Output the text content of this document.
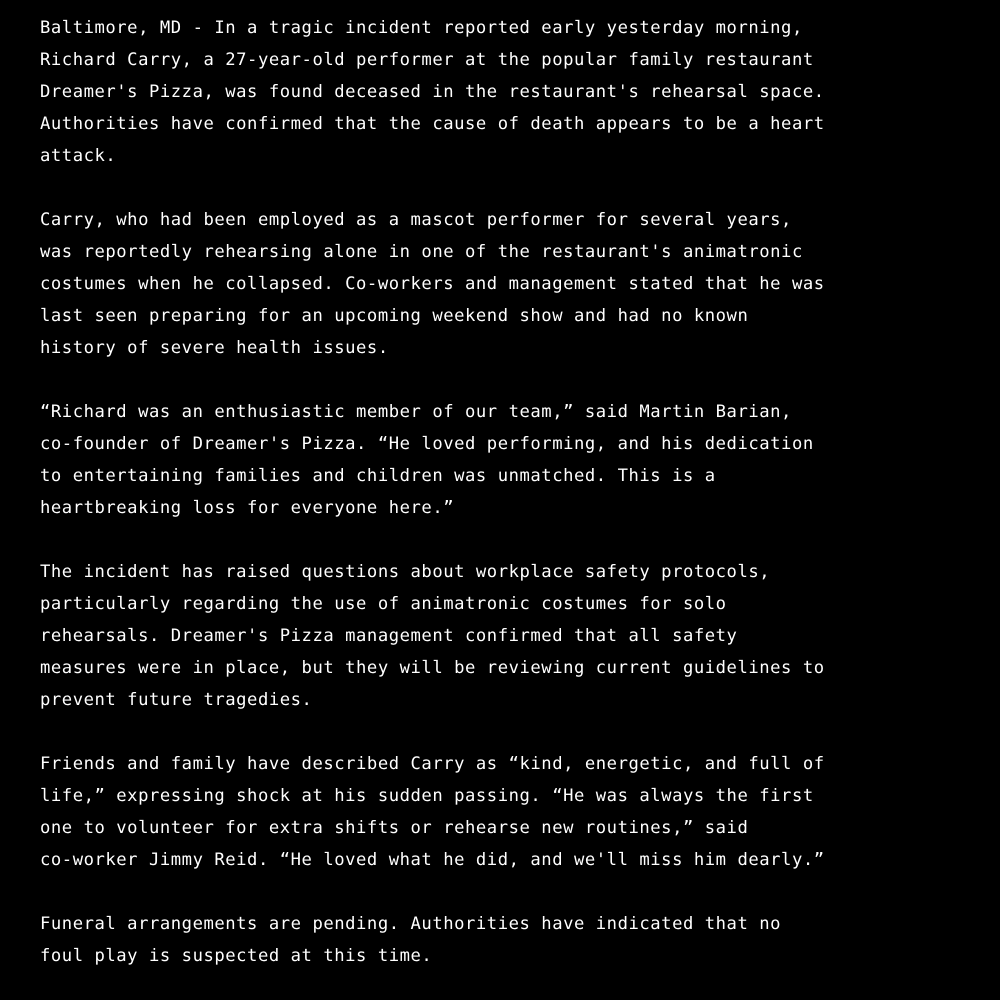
Baltimore, MD - In a tragic incident reported early yesterday morning,
Richard Carry, a 27-year-old performer at the popular family restaurant
Dreamer's Pizza, was found deceased in the restaurant's rehearsal space.
Authorities have confirmed that the cause of death appears to be a heart
attack.
Carry, who had been employed as a mascot performer for several years,
was reportedly rehearsing alone in one of the restaurant's animatronic
costumes when he collapsed. Co-workers and management stated that he was
last seen preparing for an upcoming weekend show and had no known
history of severe health issues.
“Richard was an enthusiastic member of our team,” said Martin Barian,
co-founder of Dreamer's Pizza. “He loved performing, and his dedication
to entertaining families and children was unmatched. This is a
heartbreaking loss for everyone here.”
The incident has raised questions about workplace safety protocols,
particularly regarding the use of animatronic costumes for solo
rehearsals. Dreamer's Pizza management confirmed that all safety
measures were in place, but they will be reviewing current guidelines to
prevent future tragedies.
Friends and family have described Carry as “kind, energetic, and full of
life,” expressing shock at his sudden passing. “He was always the first
one to volunteer for extra shifts or rehearse new routines,” said
co-worker Jimmy Reid. “He loved what he did, and we'll miss him dearly.”
Funeral arrangements are pending. Authorities have indicated that no
foul play is suspected at this time.
